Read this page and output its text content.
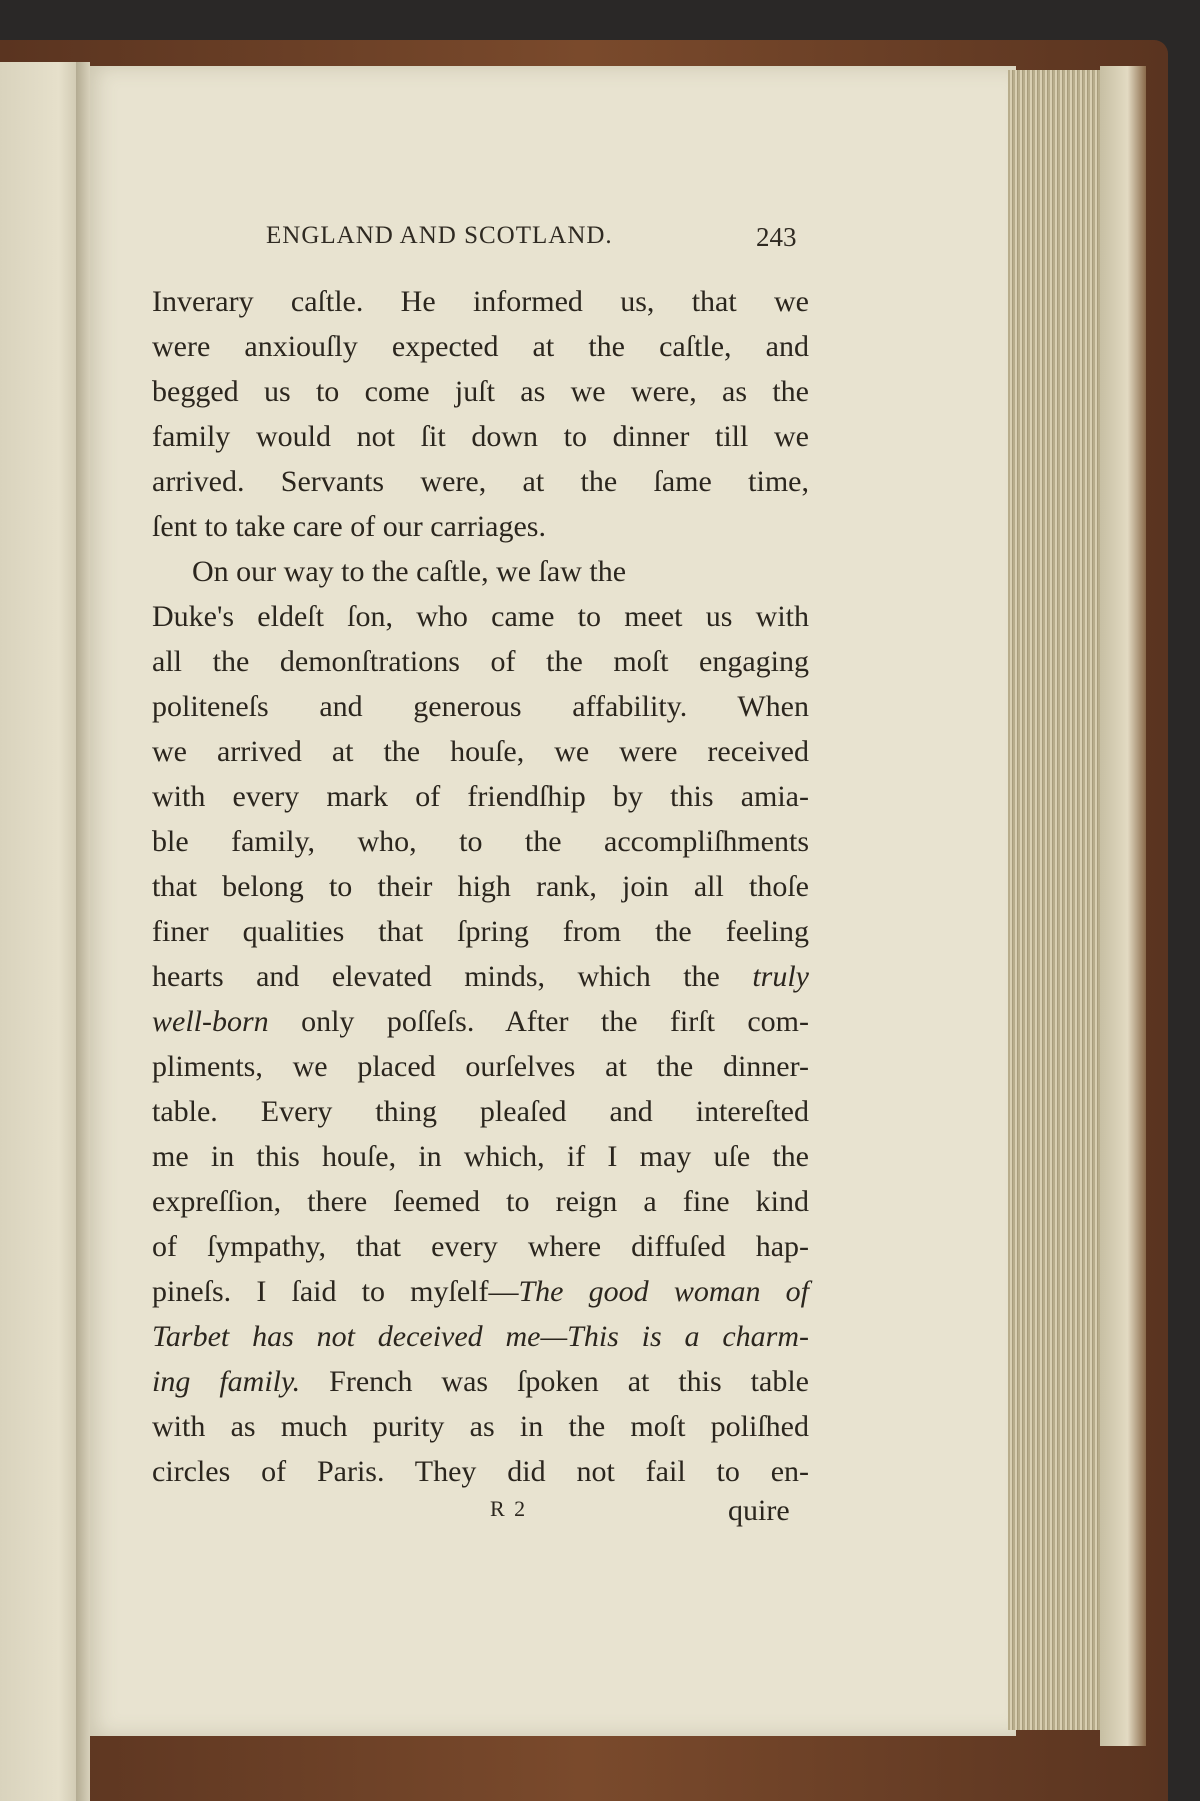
ENGLAND AND SCOTLAND.	243
Inverary caſtle. He informed us, that we
were anxiouſly expected at the caſtle, and
begged us to come juſt as we were, as the
family would not ſit down to dinner till we
arrived. Servants were, at the ſame time,
ſent to take care of our carriages.
On our way to the caſtle, we ſaw the
Duke's eldeſt ſon, who came to meet us with
all the demonſtrations of the moſt engaging
politeneſs and generous affability. When
we arrived at the houſe, we were received
with every mark of friendſhip by this amia-
ble family, who, to the accompliſhments
that belong to their high rank, join all thoſe
finer qualities that ſpring from the feeling
hearts and elevated minds, which the truly
well-born only poſſeſs. After the firſt com-
pliments, we placed ourſelves at the dinner-
table. Every thing pleaſed and intereſted
me in this houſe, in which, if I may uſe the
expreſſion, there ſeemed to reign a fine kind
of ſympathy, that every where diffuſed hap-
pineſs. I ſaid to myſelf—The good woman of
Tarbet has not deceived me—This is a charm-
ing family. French was ſpoken at this table
with as much purity as in the moſt poliſhed
circles of Paris. They did not fail to en-
R 2	quire
